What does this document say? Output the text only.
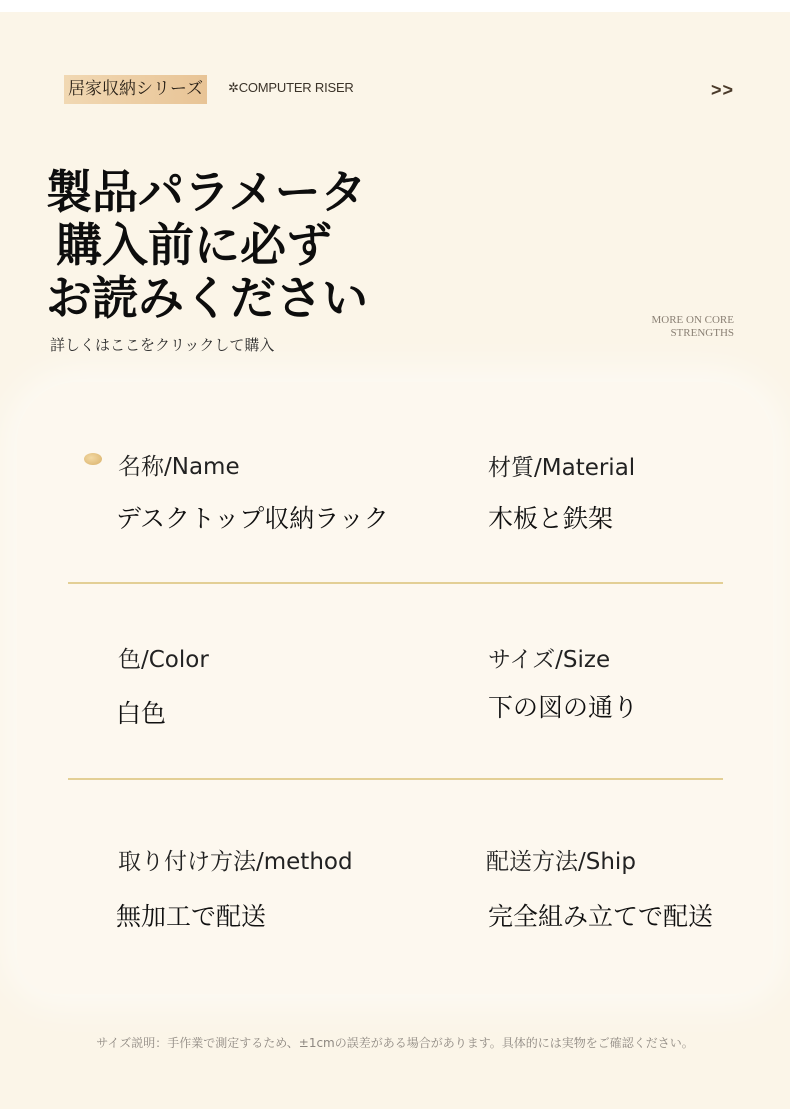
居家収納シリーズ	✲COMPUTER RISER	>>
製品パラメータ
購入前に必ず
お読みください
詳しくはここをクリックして購入
MORE ON CORE
STRENGTHS
名称/Name
デスクトップ収納ラック
材質/Material
木板と鉄架
色/Color
白色
サイズ/Size
下の図の通り
取り付け方法/method
無加工で配送
配送方法/Ship
完全組み立てで配送
サイズ説明：手作業で測定するため、±1cmの誤差がある場合があります。具体的には実物をご確認ください。
